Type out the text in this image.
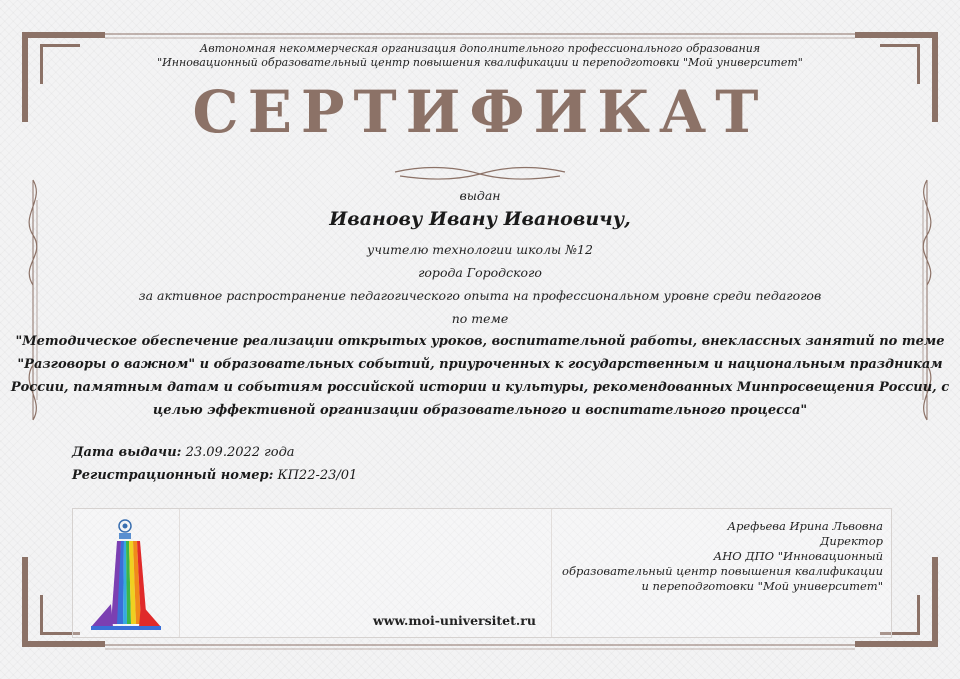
Автономная некоммерческая организация дополнительного профессионального образования
"Инновационный образовательный центр повышения квалификации и переподготовки "Мой университет"
СЕРТИФИКАТ
выдан
Иванову Ивану Ивановичу,
учителю технологии школы №12
города Городского
за активное распространение педагогического опыта на профессиональном уровне среди педагогов
по теме
"Методическое обеспечение реализации открытых уроков, воспитательной работы, внеклассных занятий по теме
"Разговоры о важном" и образовательных событий, приуроченных к государственным и национальным праздникам
России, памятным датам и событиям российской истории и культуры, рекомендованных Минпросвещения России, с
целью эффективной организации образовательного и воспитательного процесса"
Дата выдачи: 23.09.2022 года
Регистрационный номер: КП22-23/01
www.moi-universitet.ru
Арефьева Ирина Львовна
Директор
АНО ДПО "Инновационный
образовательный центр повышения квалификации
и переподготовки "Мой университет"
